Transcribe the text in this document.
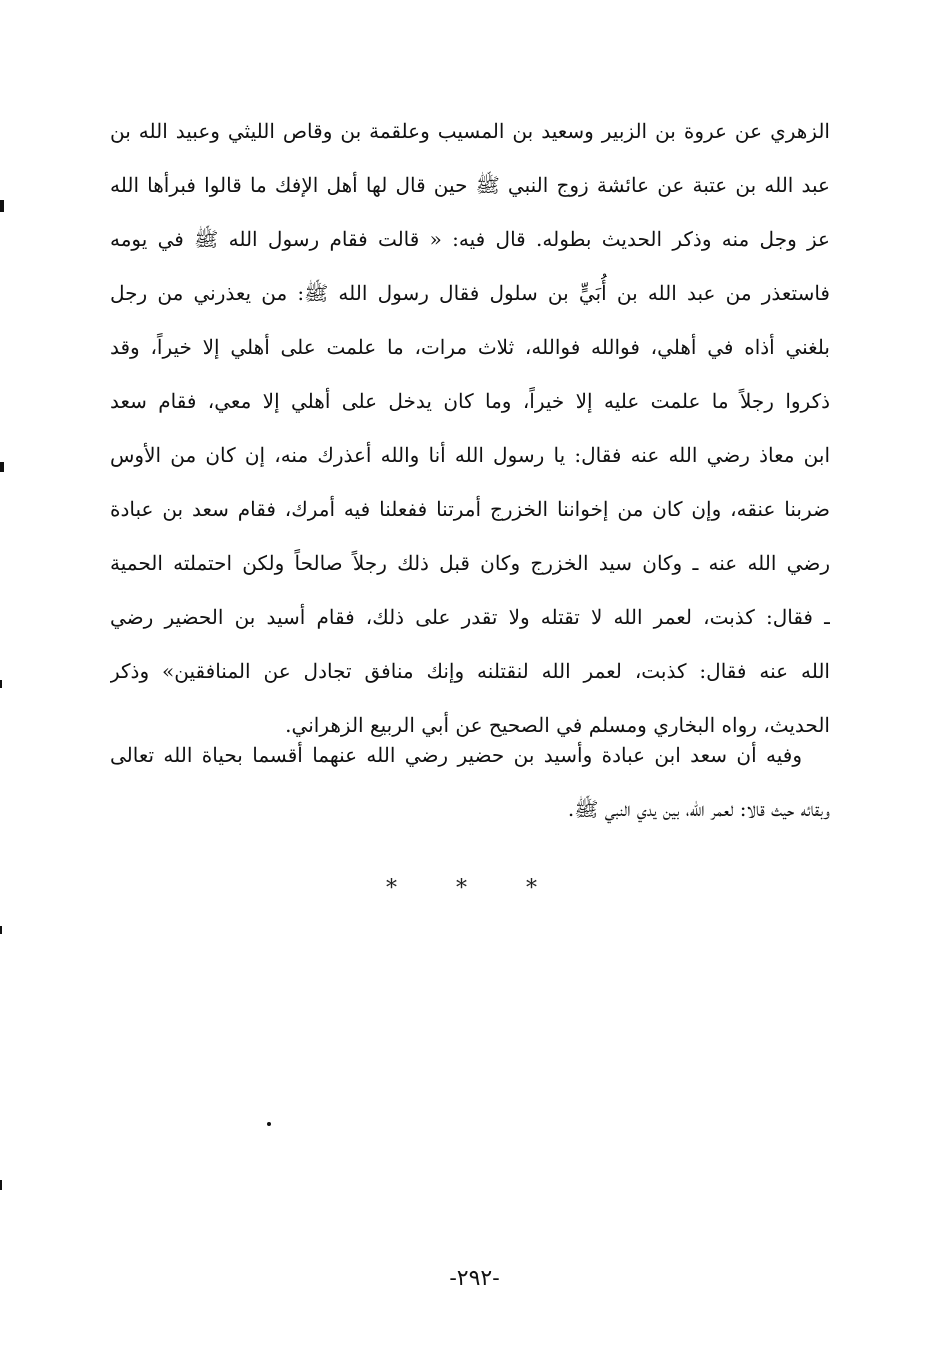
الزهري عن عروة بن الزبير وسعيد بن المسيب وعلقمة بن وقاص الليثي وعبيد الله بن
عبد الله بن عتبة عن عائشة زوج النبي ﷺ حين قال لها أهل الإفك ما قالوا فبرأها الله
عز وجل منه وذكر الحديث بطوله. قال فيه: « قالت فقام رسول الله ﷺ في يومه
فاستعذر من عبد الله بن أُبَيٍّ بن سلول فقال رسول الله ﷺ: من يعذرني من رجل
بلغني أذاه في أهلي، فوالله فوالله، ثلاث مرات، ما علمت على أهلي إلا خيراً، وقد
ذكروا رجلاً ما علمت عليه إلا خيراً، وما كان يدخل على أهلي إلا معي، فقام سعد
ابن معاذ رضي الله عنه فقال: يا رسول الله أنا والله أعذرك منه، إن كان من الأوس
ضربنا عنقه، وإن كان من إخواننا الخزرج أمرتنا ففعلنا فيه أمرك، فقام سعد بن عبادة
رضي الله عنه ـ وكان سيد الخزرج وكان قبل ذلك رجلاً صالحاً ولكن احتملته الحمية
ـ فقال: كذبت، لعمر الله لا تقتله ولا تقدر على ذلك، فقام أسيد بن الحضير رضي
الله عنه فقال: كذبت، لعمر الله لنقتلنه وإنك منافق تجادل عن المنافقين» وذكر
الحديث، رواه البخاري ومسلم في الصحيح عن أبي الربيع الزهراني.
وفيه أن سعد ابن عبادة وأسيد بن حضير رضي الله عنهما أقسما بحياة الله تعالى
وبقائه حيث قالا: لعمر الله، بين يدي النبي ﷺ.
* * *
-٢٩٢-
